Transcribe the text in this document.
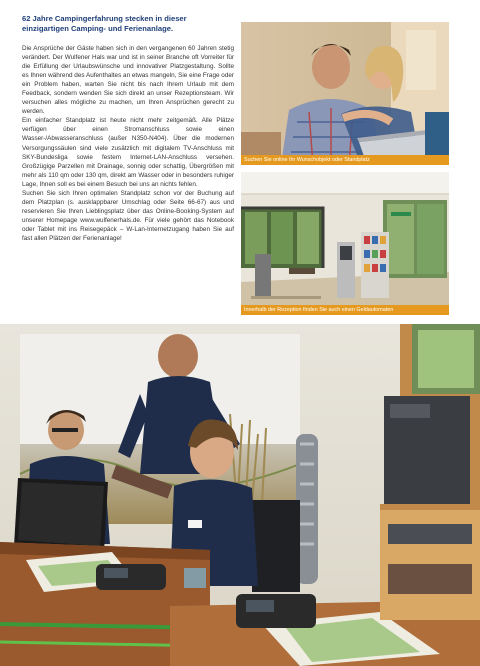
62 Jahre Campingerfahrung stecken in dieser einzigartigen Camping- und Ferienanlage.

Die Ansprüche der Gäste haben sich in den vergangenen 60 Jahren stetig verändert. Der Wulfener Hals war und ist in seiner Branche oft Vorreiter für die Erfüllung der Urlaubswünsche und innovativer Platzgestaltung. Sollte es Ihnen während des Aufenthaltes an etwas mangeln, Sie eine Frage oder ein Problem haben, warten Sie nicht bis nach Ihrem Urlaub mit dem Feedback, sondern wenden Sie sich direkt an unser Rezeptionsteam. Wir versuchen alles mögliche zu machen, um Ihren Ansprüchen gerecht zu werden.

Ein einfacher Standplatz ist heute nicht mehr zeitgemäß. Alle Plätze verfügen über einen Stromanschluss sowie einen Wasser-/Abwasseranschluss (außer N350-N404). Über die modernen Versorgungssäulen sind viele zusätzlich mit digitalem TV-Anschluss mit SKY-Bundesliga sowie festem Internet-LAN-Anschluss versehen. Großzügige Parzellen mit Drainage, sonnig oder schattig, Übergrößen mit mehr als 110 qm oder 130 qm, direkt am Wasser oder in besonders ruhiger Lage, Ihnen soll es bei einem Besuch bei uns an nichts fehlen.

Suchen Sie sich Ihren optimalen Standplatz schon vor der Buchung auf dem Platzplan (s. ausklappbarer Umschlag oder Seite 66-67) aus und reservieren Sie Ihren Lieblingsplatz über das Online-Booking-System auf unserer Homepage www.wulfenerhals.de. Für viele gehört das Notebook oder Tablet mit ins Reisegepäck – W-Lan-Internetzugang haben Sie auf fast allen Plätzen der Ferienanlage!

Suchen Sie online Ihr Wunschobjekt oder Standplatz
Innerhalb der Rezeption finden Sie auch einen Geldautomaten
